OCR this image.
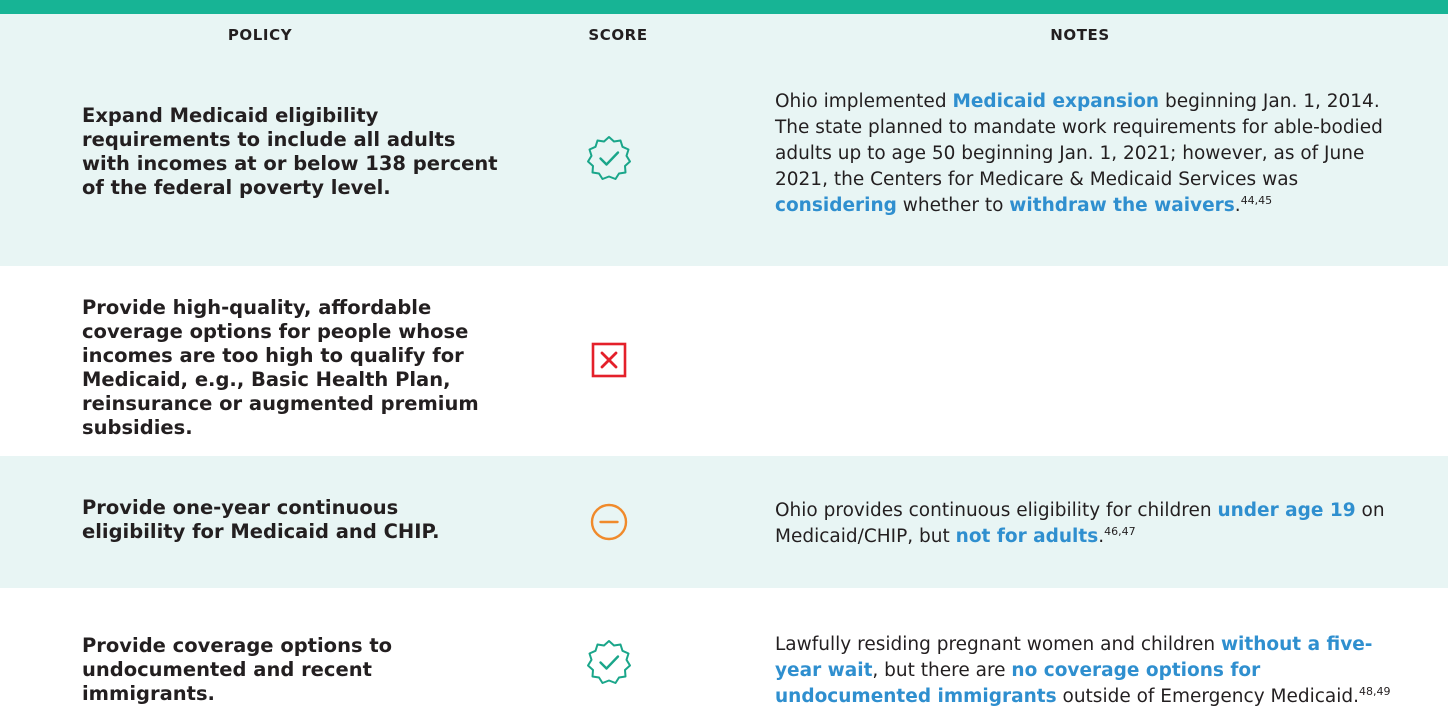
POLICY	SCORE	NOTES
Expand Medicaid eligibility requirements to include all adults with incomes at or below 138 percent of the federal poverty level.
Ohio implemented Medicaid expansion beginning Jan. 1, 2014. The state planned to mandate work requirements for able-bodied adults up to age 50 beginning Jan. 1, 2021; however, as of June 2021, the Centers for Medicare & Medicaid Services was considering whether to withdraw the waivers.$^{44,45}$
Provide high-quality, affordable coverage options for people whose incomes are too high to qualify for Medicaid, e.g., Basic Health Plan, reinsurance or augmented premium subsidies.
Provide one-year continuous eligibility for Medicaid and CHIP.
Ohio provides continuous eligibility for children under age 19 on Medicaid/CHIP, but not for adults.$^{46,47}$
Provide coverage options to undocumented and recent immigrants.
Lawfully residing pregnant women and children without a five-year wait, but there are no coverage options for undocumented immigrants outside of Emergency Medicaid.$^{48,49}$
